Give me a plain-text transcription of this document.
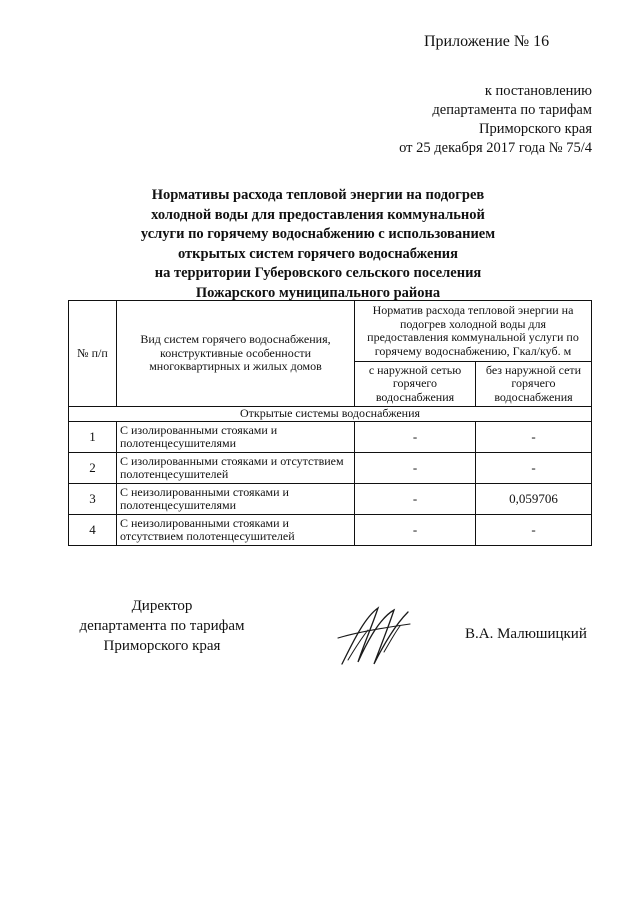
Приложение № 16
к постановлению
департамента по тарифам
Приморского края
от 25 декабря 2017 года № 75/4
Нормативы расхода тепловой энергии на подогрев
холодной воды для предоставления коммунальной
услуги по горячему водоснабжению с использованием
открытых систем горячего водоснабжения
на территории Губеровского сельского поселения
Пожарского муниципального района
№ п/п	Вид систем горячего водоснабжения, конструктивные особенности многоквартирных и жилых домов	Норматив расхода тепловой энергии на подогрев холодной воды для предоставления коммунальной услуги по горячему водоснабжению, Гкал/куб. м	
		с наружной сетью горячего водоснабжения	без наружной сети горячего водоснабжения
Открытые системы водоснабжения			
1	С изолированными стояками и полотенцесушителями	-	-
2	С изолированными стояками и отсутствием полотенцесушителей	-	-
3	С неизолированными стояками и полотенцесушителями	-	0,059706
4	С неизолированными стояками и отсутствием полотенцесушителей	-	-
Директор
департамента по тарифам
Приморского края
В.А. Малюшицкий
